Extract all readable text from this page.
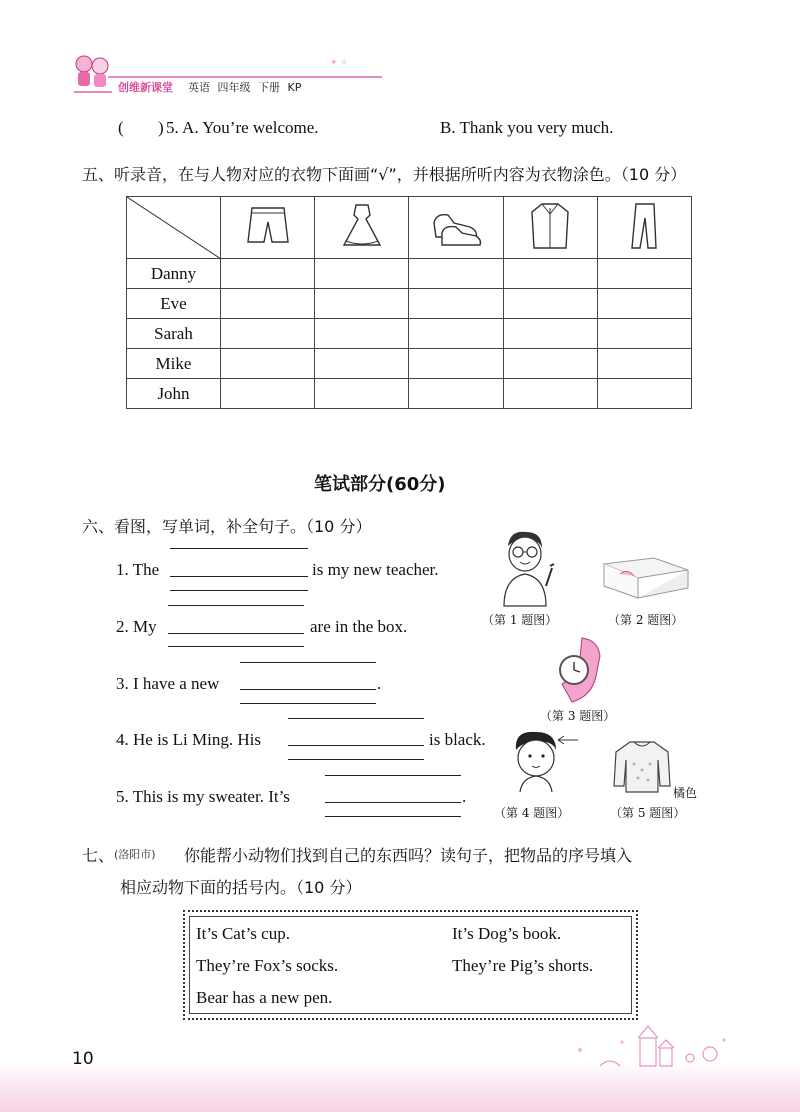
创维新课堂 英语 四年级 下册 KP
✦ ✧
( ) 5. A. You’re welcome.	B. Thank you very much.
五、听录音，在与人物对应的衣物下面画“√”，并根据所听内容为衣物涂色。（10 分）

Danny					
Eve					
Sarah					
Mike					
John					
笔试部分(60分)
六、看图，写单词，补全句子。（10 分）
1. The	is my new teacher.
2. My	are in the box.
3. I have a new	.
4. He is Li Ming. His	is black.
5. This is my sweater. It’s	.
（第 1 题图）	（第 2 题图）
（第 3 题图）
橘色
（第 4 题图）	（第 5 题图）
七、 (洛阳市) 你能帮小动物们找到自己的东西吗？读句子，把物品的序号填入
相应动物下面的括号内。（10 分）
It’s Cat’s cup.	It’s Dog’s book.
They’re Fox’s socks.	They’re Pig’s shorts.
Bear has a new pen.
10
